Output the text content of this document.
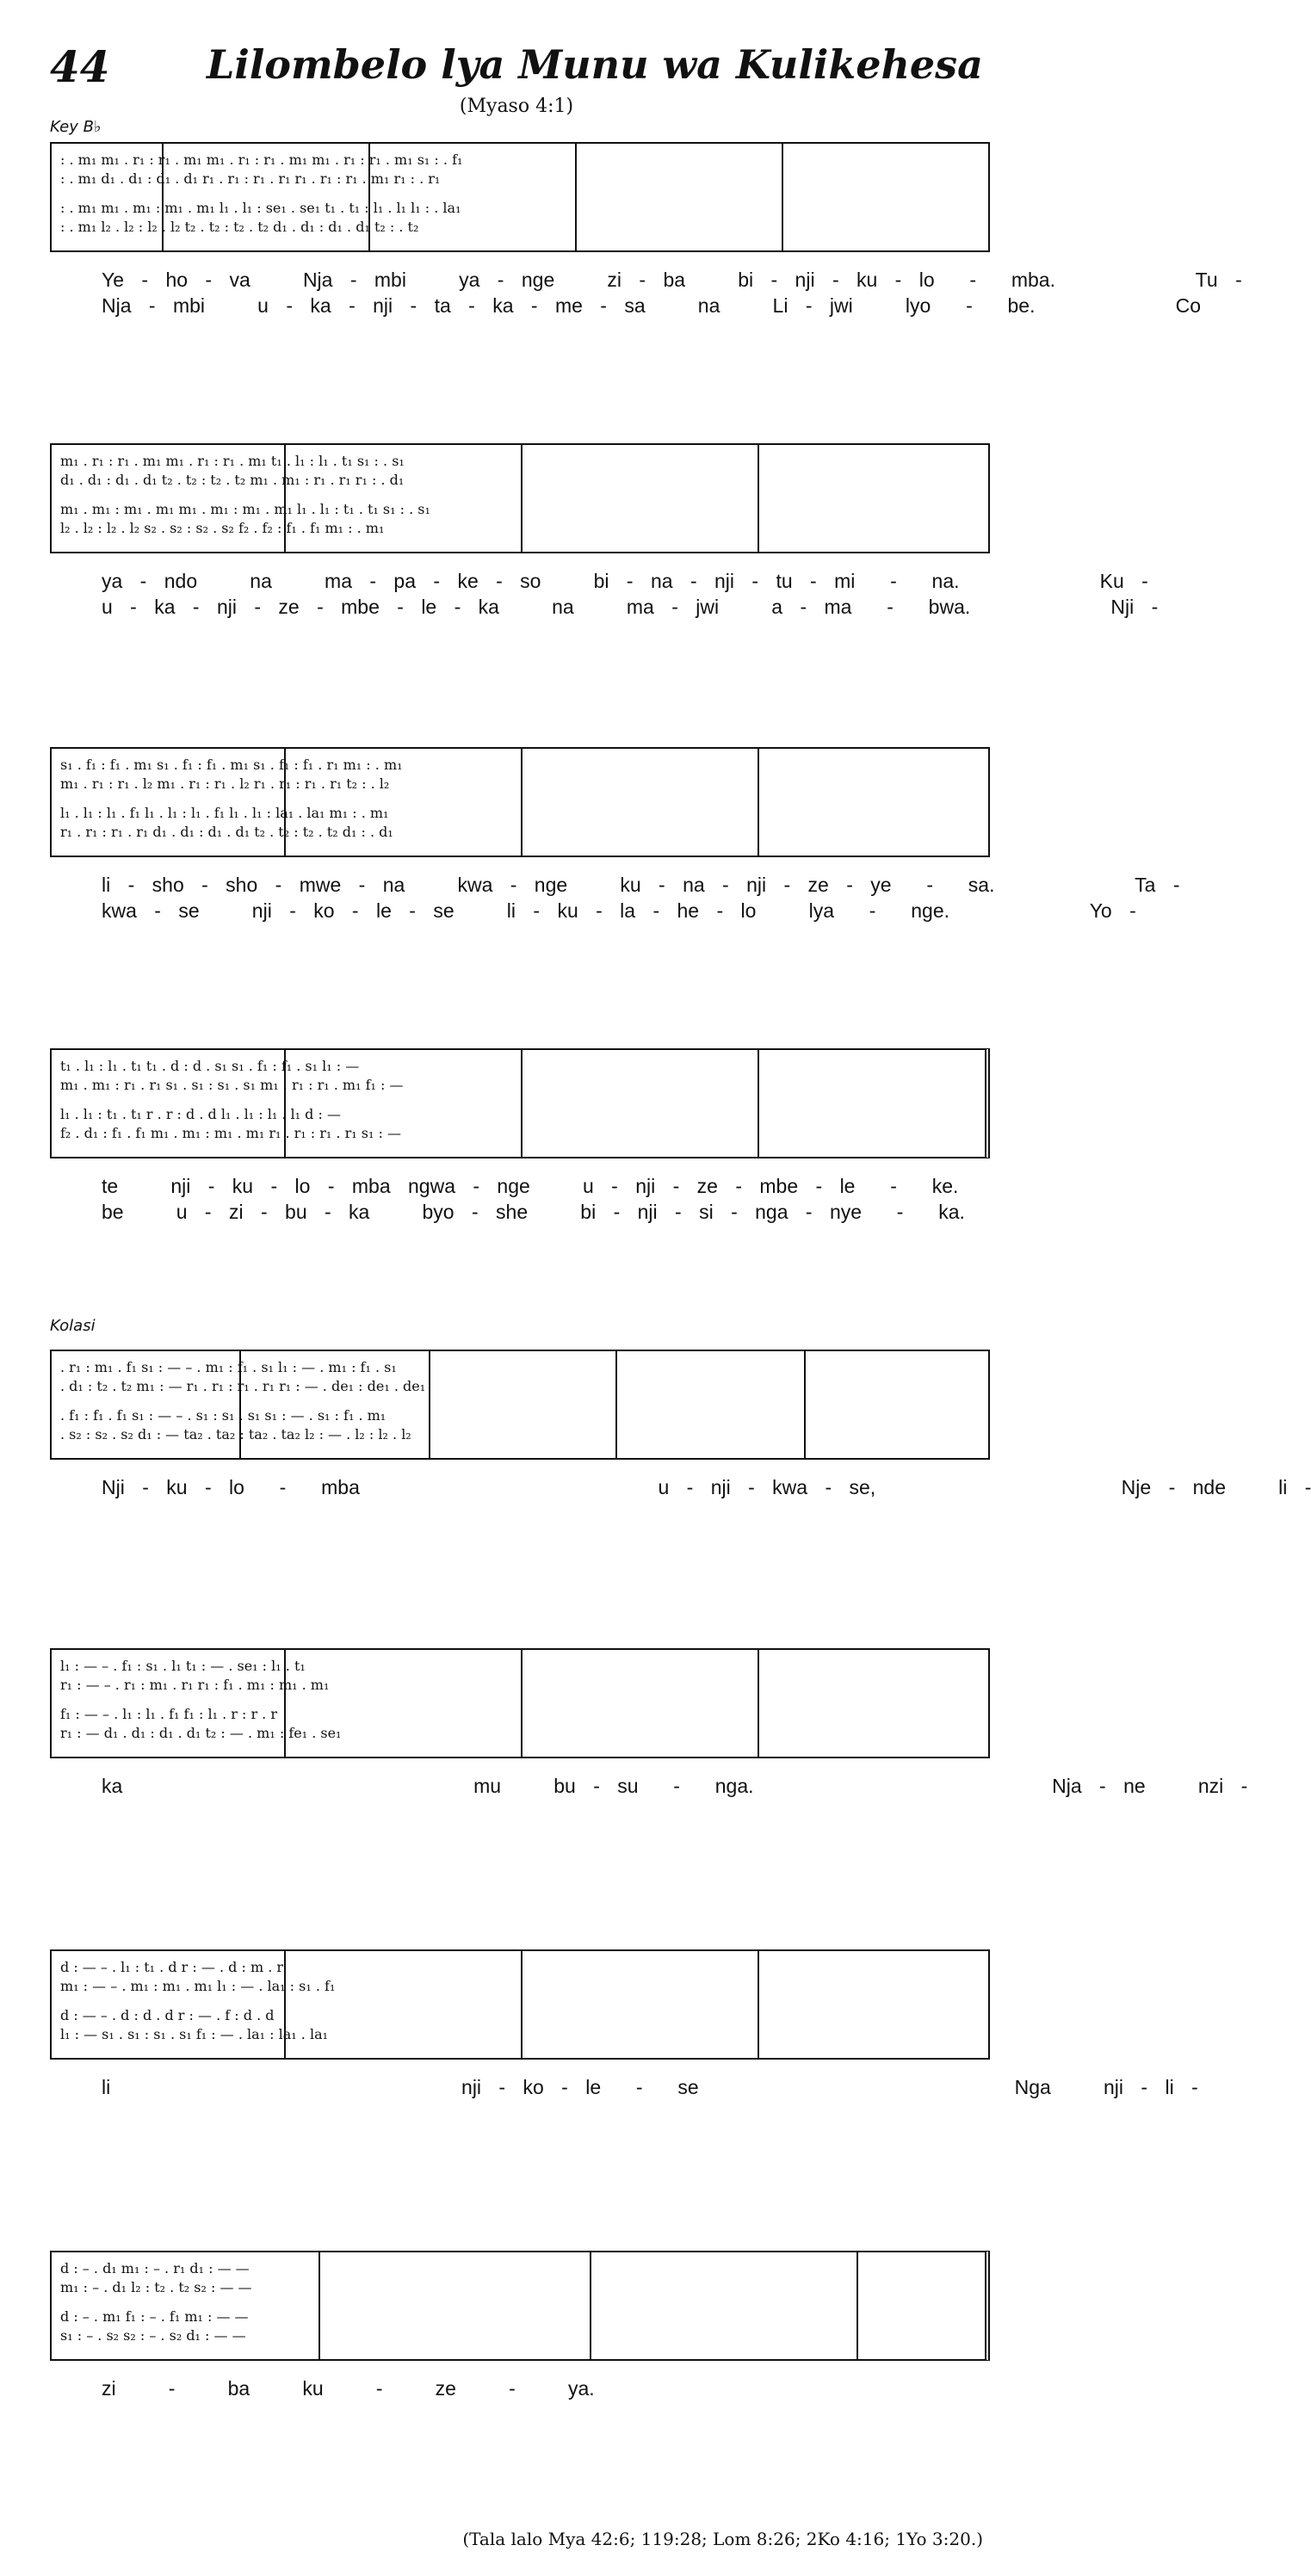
44 Lilombelo lya Munu wa Kulikehesa
(Myaso 4:1)
Key B♭
: . m₁ m₁ . r₁ : r₁ . m₁ m₁ . r₁ : r₁ . m₁ m₁ . r₁ : r₁ . m₁ s₁ : . f₁
: . m₁ d₁ . d₁ : d₁ . d₁ r₁ . r₁ : r₁ . r₁ r₁ . r₁ : r₁ . m₁ r₁ : . r₁
: . m₁ m₁ . m₁ : m₁ . m₁ l₁ . l₁ : se₁ . se₁ t₁ . t₁ : l₁ . l₁ l₁ : . la₁
: . m₁ l₂ . l₂ : l₂ . l₂ t₂ . t₂ : t₂ . t₂ d₁ . d₁ : d₁ . d₁ t₂ : . t₂
Ye - ho - va   Nja - mbi   ya - nge   zi - ba   bi - nji - ku - lo  -  mba.        Tu -
Nja - mbi   u - ka - nji - ta - ka - me - sa   na   Li - jwi   lyo  -  be.        Co
m₁ . r₁ : r₁ . m₁ m₁ . r₁ : r₁ . m₁ t₁ . l₁ : l₁ . t₁ s₁ : . s₁
d₁ . d₁ : d₁ . d₁ t₂ . t₂ : t₂ . t₂ m₁ . m₁ : r₁ . r₁ r₁ : . d₁
m₁ . m₁ : m₁ . m₁ m₁ . m₁ : m₁ . m₁ l₁ . l₁ : t₁ . t₁ s₁ : . s₁
l₂ . l₂ : l₂ . l₂ s₂ . s₂ : s₂ . s₂ f₂ . f₂ : f₁ . f₁ m₁ : . m₁
ya - ndo   na   ma - pa - ke - so   bi - na - nji - tu - mi  -  na.        Ku -
u - ka - nji - ze - mbe - le - ka   na   ma - jwi   a - ma  -  bwa.        Nji -
s₁ . f₁ : f₁ . m₁ s₁ . f₁ : f₁ . m₁ s₁ . f₁ : f₁ . r₁ m₁ : . m₁
m₁ . r₁ : r₁ . l₂ m₁ . r₁ : r₁ . l₂ r₁ . r₁ : r₁ . r₁ t₂ : . l₂
l₁ . l₁ : l₁ . f₁ l₁ . l₁ : l₁ . f₁ l₁ . l₁ : la₁ . la₁ m₁ : . m₁
r₁ . r₁ : r₁ . r₁ d₁ . d₁ : d₁ . d₁ t₂ . t₂ : t₂ . t₂ d₁ : . d₁
li - sho - sho - mwe - na   kwa - nge   ku - na - nji - ze - ye  -  sa.        Ta -
kwa - se   nji - ko - le - se   li - ku - la - he - lo   lya  -  nge.        Yo -
t₁ . l₁ : l₁ . t₁ t₁ . d : d . s₁ s₁ . f₁ : f₁ . s₁ l₁ : —
m₁ . m₁ : r₁ . r₁ s₁ . s₁ : s₁ . s₁ m₁ . r₁ : r₁ . m₁ f₁ : —
l₁ . l₁ : t₁ . t₁ r . r : d . d l₁ . l₁ : l₁ . l₁ d : —
f₂ . d₁ : f₁ . f₁ m₁ . m₁ : m₁ . m₁ r₁ . r₁ : r₁ . r₁ s₁ : —
te   nji - ku - lo - mba ngwa - nge   u - nji - ze - mbe - le  -  ke.
be   u - zi - bu - ka   byo - she   bi - nji - si - nga - nye  -  ka.
Kolasi
. r₁ : m₁ . f₁ s₁ : — – . m₁ : f₁ . s₁ l₁ : — . m₁ : f₁ . s₁
. d₁ : t₂ . t₂ m₁ : — r₁ . r₁ : r₁ . r₁ r₁ : — . de₁ : de₁ . de₁
. f₁ : f₁ . f₁ s₁ : — – . s₁ : s₁ . s₁ s₁ : — . s₁ : f₁ . m₁
. s₂ : s₂ . s₂ d₁ : — ta₂ . ta₂ : ta₂ . ta₂ l₂ : — . l₂ : l₂ . l₂
Nji - ku - lo  -  mba                 u - nji - kwa - se,              Nje - nde   li -
l₁ : — – . f₁ : s₁ . l₁ t₁ : — . se₁ : l₁ . t₁
r₁ : — – . r₁ : m₁ . r₁ r₁ : f₁ . m₁ : m₁ . m₁
f₁ : — – . l₁ : l₁ . f₁ f₁ : l₁ . r : r . r
r₁ : — d₁ . d₁ : d₁ . d₁ t₂ : — . m₁ : fe₁ . se₁
ka                    mu   bu - su  -  nga.                 Nja - ne   nzi -
d : — – . l₁ : t₁ . d r : — . d : m . r
m₁ : — – . m₁ : m₁ . m₁ l₁ : — . la₁ : s₁ . f₁
d : — – . d : d . d r : — . f : d . d
l₁ : — s₁ . s₁ : s₁ . s₁ f₁ : — . la₁ : la₁ . la₁
li                    nji - ko - le  -  se                  Nga   nji - li -
d : – . d₁ m₁ : – . r₁ d₁ : — —
m₁ : – . d₁ l₂ : t₂ . t₂ s₂ : — —
d : – . m₁ f₁ : – . f₁ m₁ : — —
s₁ : – . s₂ s₂ : – . s₂ d₁ : — —
zi   -   ba   ku   -   ze   -   ya.
(Tala lalo Mya 42:6; 119:28; Lom 8:26; 2Ko 4:16; 1Yo 3:20.)
